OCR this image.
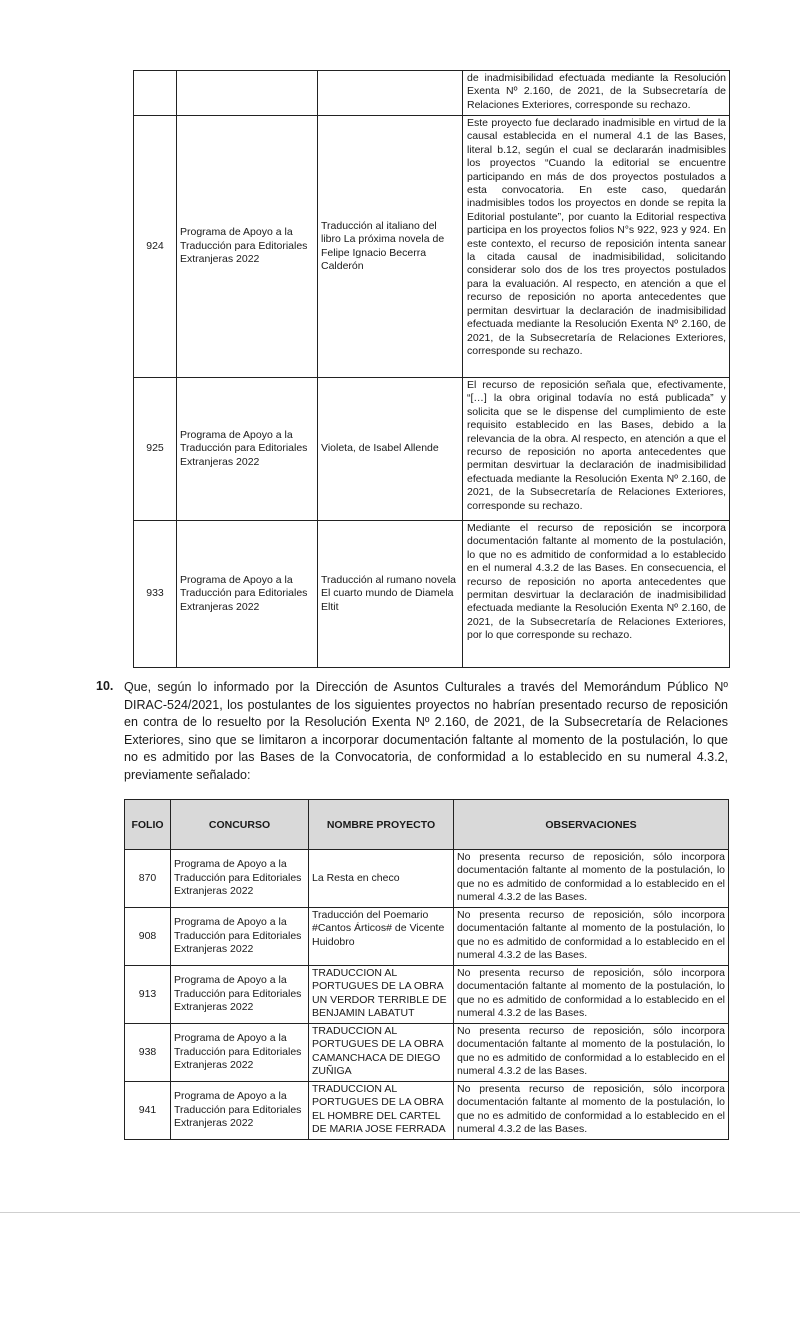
			de inadmisibilidad efectuada mediante la Resolución Exenta Nº 2.160, de 2021, de la Subsecretaría de Relaciones Exteriores, corresponde su rechazo.
924	Programa de Apoyo a la Traducción para Editoriales Extranjeras 2022	Traducción al italiano del libro La próxima novela de Felipe Ignacio Becerra Calderón	Este proyecto fue declarado inadmisible en virtud de la causal establecida en el numeral 4.1 de las Bases, literal b.12, según el cual se declararán inadmisibles los proyectos “Cuando la editorial se encuentre participando en más de dos proyectos postulados a esta convocatoria. En este caso, quedarán inadmisibles todos los proyectos en donde se repita la Editorial postulante”, por cuanto la Editorial respectiva participa en los proyectos folios N°s 922, 923 y 924. En este contexto, el recurso de reposición intenta sanear la citada causal de inadmisibilidad, solicitando considerar solo dos de los tres proyectos postulados para la evaluación. Al respecto, en atención a que el recurso de reposición no aporta antecedentes que permitan desvirtuar la declaración de inadmisibilidad efectuada mediante la Resolución Exenta Nº 2.160, de 2021, de la Subsecretaría de Relaciones Exteriores, corresponde su rechazo.
925	Programa de Apoyo a la Traducción para Editoriales Extranjeras 2022	Violeta, de Isabel Allende	El recurso de reposición señala que, efectivamente, “[…] la obra original todavía no está publicada” y solicita que se le dispense del cumplimiento de este requisito establecido en las Bases, debido a la relevancia de la obra. Al respecto, en atención a que el recurso de reposición no aporta antecedentes que permitan desvirtuar la declaración de inadmisibilidad efectuada mediante la Resolución Exenta Nº 2.160, de 2021, de la Subsecretaría de Relaciones Exteriores, corresponde su rechazo.
933	Programa de Apoyo a la Traducción para Editoriales Extranjeras 2022	Traducción al rumano novela El cuarto mundo de Diamela Eltit	Mediante el recurso de reposición se incorpora documentación faltante al momento de la postulación, lo que no es admitido de conformidad a lo establecido en el numeral 4.3.2 de las Bases. En consecuencia, el recurso de reposición no aporta antecedentes que permitan desvirtuar la declaración de inadmisibilidad efectuada mediante la Resolución Exenta Nº 2.160, de 2021, de la Subsecretaría de Relaciones Exteriores, por lo que corresponde su rechazo.
10. Que, según lo informado por la Dirección de Asuntos Culturales a través del Memorándum Público Nº DIRAC-524/2021, los postulantes de los siguientes proyectos no habrían presentado recurso de reposición en contra de lo resuelto por la Resolución Exenta Nº 2.160, de 2021, de la Subsecretaría de Relaciones Exteriores, sino que se limitaron a incorporar documentación faltante al momento de la postulación, lo que no es admitido por las Bases de la Convocatoria, de conformidad a lo establecido en su numeral 4.3.2, previamente señalado:
FOLIO	CONCURSO	NOMBRE PROYECTO	OBSERVACIONES
870	Programa de Apoyo a la Traducción para Editoriales Extranjeras 2022	La Resta en checo	No presenta recurso de reposición, sólo incorpora documentación faltante al momento de la postulación, lo que no es admitido de conformidad a lo establecido en el numeral 4.3.2 de las Bases.
908	Programa de Apoyo a la Traducción para Editoriales Extranjeras 2022	Traducción del Poemario #Cantos Árticos# de Vicente Huidobro	No presenta recurso de reposición, sólo incorpora documentación faltante al momento de la postulación, lo que no es admitido de conformidad a lo establecido en el numeral 4.3.2 de las Bases.
913	Programa de Apoyo a la Traducción para Editoriales Extranjeras 2022	TRADUCCION AL PORTUGUES DE LA OBRA UN VERDOR TERRIBLE DE BENJAMIN LABATUT	No presenta recurso de reposición, sólo incorpora documentación faltante al momento de la postulación, lo que no es admitido de conformidad a lo establecido en el numeral 4.3.2 de las Bases.
938	Programa de Apoyo a la Traducción para Editoriales Extranjeras 2022	TRADUCCION AL PORTUGUES DE LA OBRA CAMANCHACA DE DIEGO ZUÑIGA	No presenta recurso de reposición, sólo incorpora documentación faltante al momento de la postulación, lo que no es admitido de conformidad a lo establecido en el numeral 4.3.2 de las Bases.
941	Programa de Apoyo a la Traducción para Editoriales Extranjeras 2022	TRADUCCION AL PORTUGUES DE LA OBRA EL HOMBRE DEL CARTEL DE MARIA JOSE FERRADA	No presenta recurso de reposición, sólo incorpora documentación faltante al momento de la postulación, lo que no es admitido de conformidad a lo establecido en el numeral 4.3.2 de las Bases.
